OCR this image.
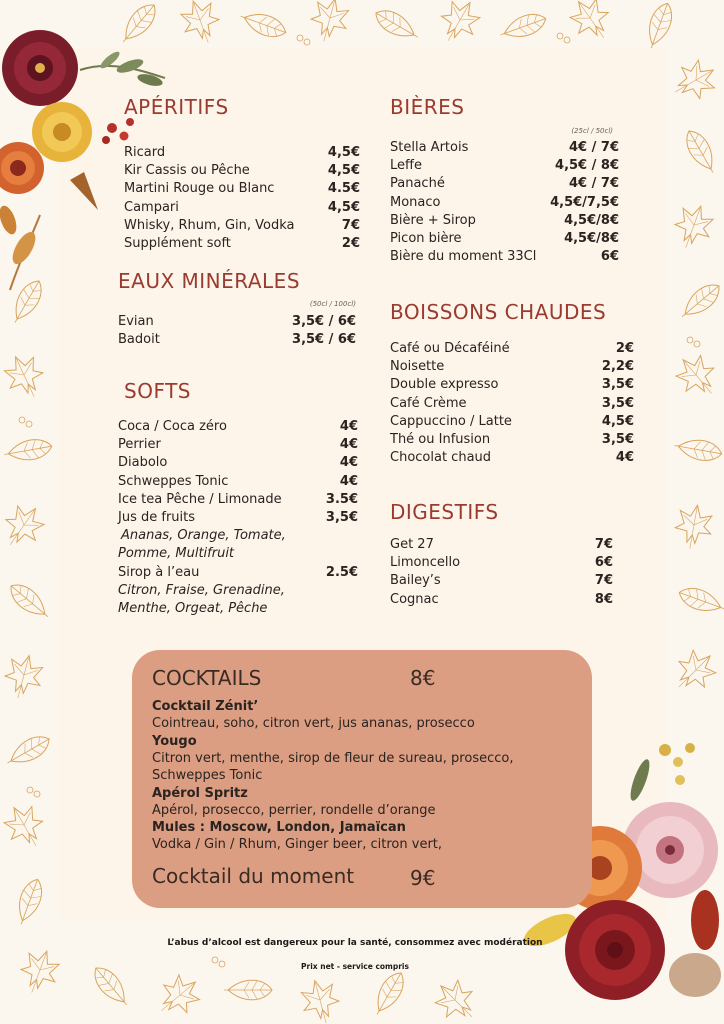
APÉRITIFS
Ricard	4,5€
Kir Cassis ou Pêche	4,5€
Martini Rouge ou Blanc	4.5€
Campari	4,5€
Whisky, Rhum, Gin, Vodka	7€
Supplément soft	2€
EAUX MINÉRALES
(50cl / 100cl)
Evian	3,5€ / 6€
Badoit	3,5€ / 6€
SOFTS
Coca / Coca zéro	4€
Perrier	4€
Diabolo	4€
Schweppes Tonic	4€
Ice tea Pêche / Limonade	3.5€
Jus de fruits	3,5€
Ananas, Orange, Tomate,
Pomme, Multifruit
Sirop à l’eau	2.5€
Citron, Fraise, Grenadine,
Menthe, Orgeat, Pêche
BIÈRES
(25cl / 50cl)
Stella Artois	4€ / 7€
Leffe	4,5€ / 8€
Panaché	4€ / 7€
Monaco	4,5€/7,5€
Bière + Sirop	4,5€/8€
Picon bière	4,5€/8€
Bière du moment 33Cl	6€
BOISSONS CHAUDES
Café ou Décaféiné	2€
Noisette	2,2€
Double expresso	3,5€
Café Crème	3,5€
Cappuccino / Latte	4,5€
Thé ou Infusion	3,5€
Chocolat chaud	4€
DIGESTIFS
Get 27	7€
Limoncello	6€
Bailey’s	7€
Cognac	8€
COCKTAILS	8€
Cocktail Zénit’
Cointreau, soho, citron vert, jus ananas, prosecco
Yougo
Citron vert, menthe, sirop de fleur de sureau, prosecco,
Schweppes Tonic
Apérol Spritz
Apérol, prosecco, perrier, rondelle d’orange
Mules : Moscow, London, Jamaïcan
Vodka / Gin / Rhum, Ginger beer, citron vert,
Cocktail du moment	9€
L’abus d’alcool est dangereux pour la santé, consommez avec modération
Prix net - service compris
